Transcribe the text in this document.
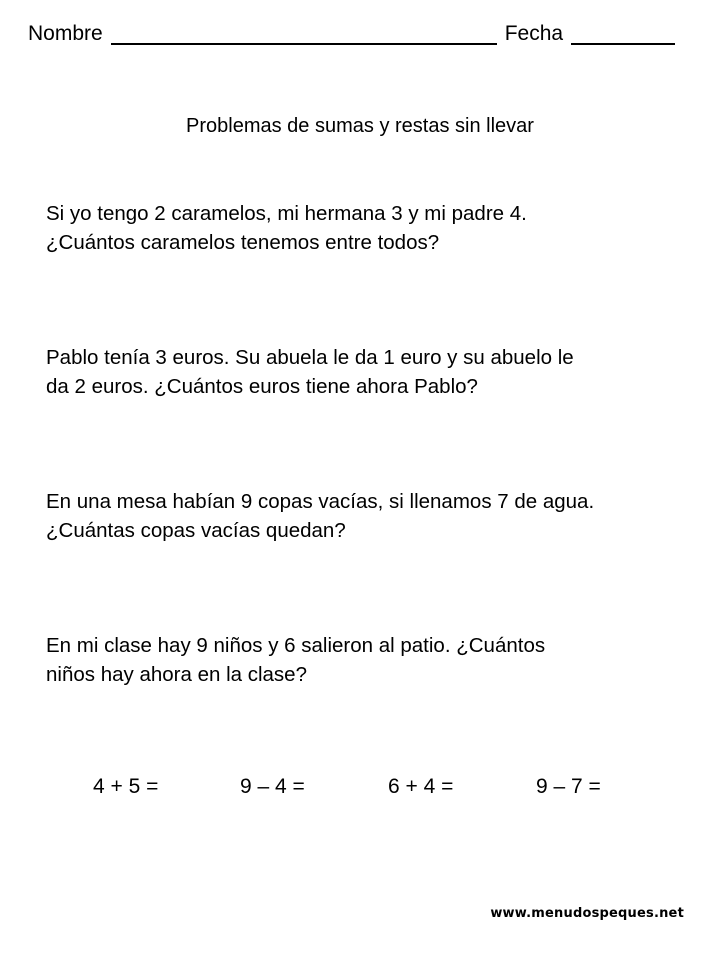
Nombre	Fecha
Problemas de sumas y restas sin llevar
Si yo tengo 2 caramelos, mi hermana 3 y mi padre 4.
¿Cuántos caramelos tenemos entre todos?
Pablo tenía 3 euros. Su abuela le da 1 euro y su abuelo le
da 2 euros. ¿Cuántos euros tiene ahora Pablo?
En una mesa habían 9 copas vacías, si llenamos 7 de agua.
¿Cuántas copas vacías quedan?
En mi clase hay 9 niños y 6 salieron al patio. ¿Cuántos
niños hay ahora en la clase?
4 + 5 =	9 – 4 =	6 + 4 =	9 – 7 =
www.menudospeques.net
